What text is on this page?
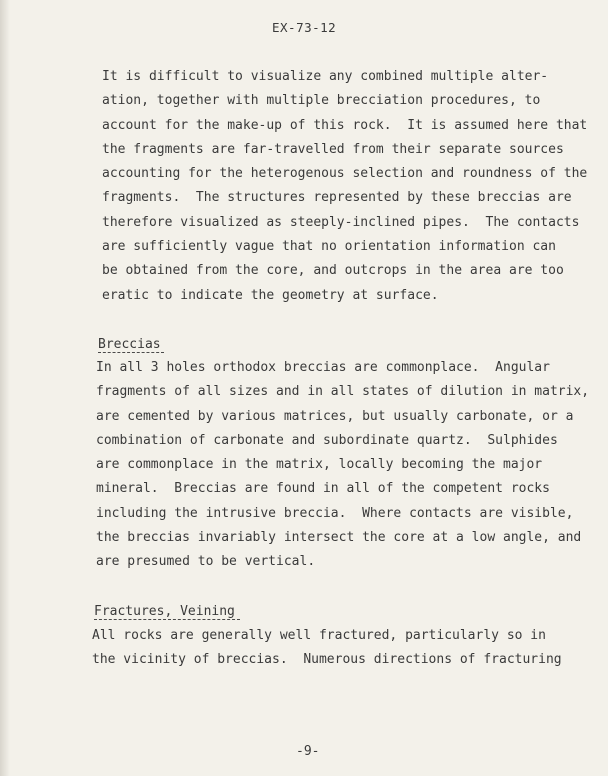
EX-73-12

It is difficult to visualize any combined multiple alter-
ation, together with multiple brecciation procedures, to
account for the make-up of this rock.  It is assumed here that
the fragments are far-travelled from their separate sources
accounting for the heterogenous selection and roundness of the
fragments.  The structures represented by these breccias are
therefore visualized as steeply-inclined pipes.  The contacts
are sufficiently vague that no orientation information can
be obtained from the core, and outcrops in the area are too
eratic to indicate the geometry at surface.

Breccias

In all 3 holes orthodox breccias are commonplace.  Angular
fragments of all sizes and in all states of dilution in matrix,
are cemented by various matrices, but usually carbonate, or a
combination of carbonate and subordinate quartz.  Sulphides
are commonplace in the matrix, locally becoming the major
mineral.  Breccias are found in all of the competent rocks
including the intrusive breccia.  Where contacts are visible,
the breccias invariably intersect the core at a low angle, and
are presumed to be vertical.

Fractures, Veining

All rocks are generally well fractured, particularly so in
the vicinity of breccias.  Numerous directions of fracturing

-9-
